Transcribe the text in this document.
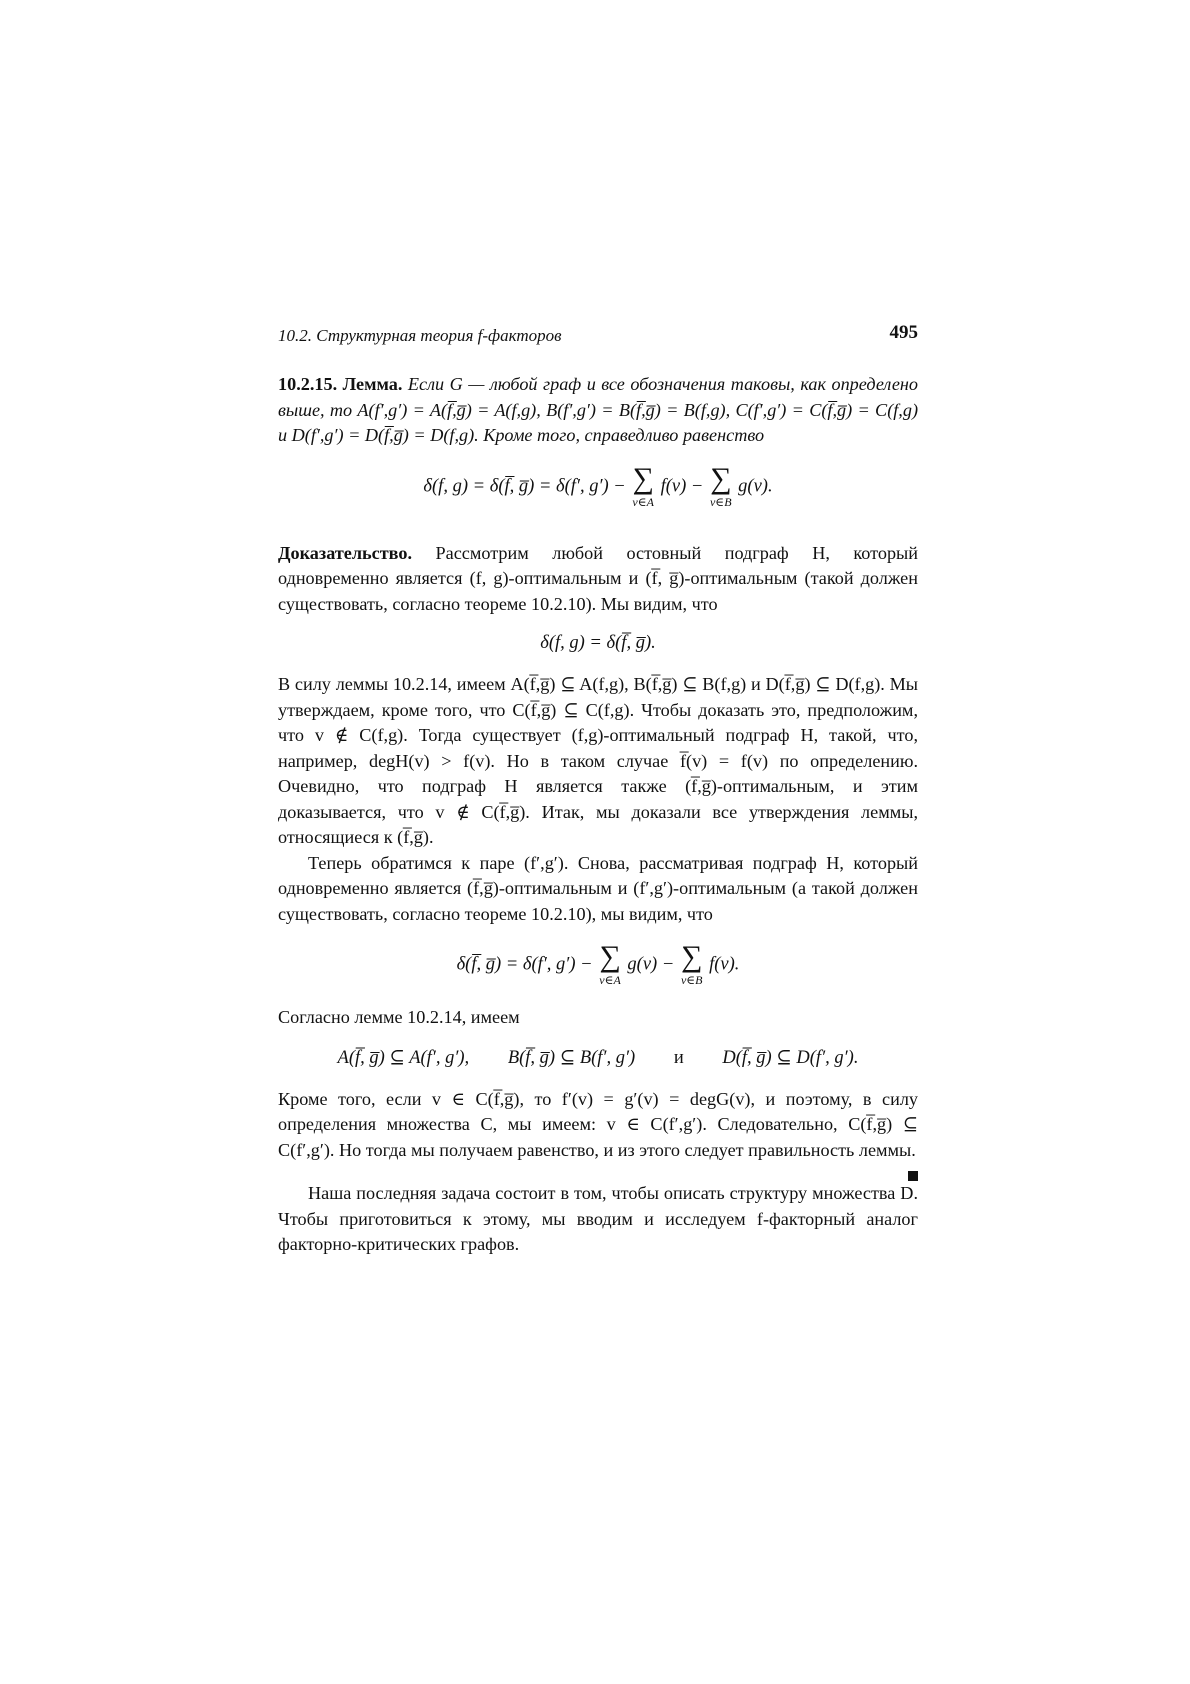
10.2. Структурная теория f-факторов	495

10.2.15. Лемма. Если G — любой граф и все обозначения таковы, как определено выше, то A(f′,g′) = A(f̅,g̅) = A(f,g), B(f′,g′) = B(f̅,g̅) = B(f,g), C(f′,g′) = C(f̅,g̅) = C(f,g) и D(f′,g′) = D(f̅,g̅) = D(f,g). Кроме того, справедливо равенство

δ(f, g) = δ(f̅, g̅) = δ(f′, g′) − ∑
v∈A
f(v) − ∑
v∈B
g(v).

Доказательство. Рассмотрим любой остовный подграф H, который одновременно является (f, g)-оптимальным и (f̅, g̅)-оптимальным (такой должен существовать, согласно теореме 10.2.10). Мы видим, что

δ(f, g) = δ(f̅, g̅).

В силу леммы 10.2.14, имеем A(f̅,g̅) ⊆ A(f,g), B(f̅,g̅) ⊆ B(f,g) и D(f̅,g̅) ⊆ D(f,g). Мы утверждаем, кроме того, что C(f̅,g̅) ⊆ C(f,g). Чтобы доказать это, предположим, что v ∉ C(f,g). Тогда существует (f,g)-оптимальный подграф H, такой, что, например, degH(v) > f(v). Но в таком случае f̅(v) = f(v) по определению. Очевидно, что подграф H является также (f̅,g̅)-оптимальным, и этим доказывается, что v ∉ C(f̅,g̅). Итак, мы доказали все утверждения леммы, относящиеся к (f̅,g̅).

Теперь обратимся к паре (f′,g′). Снова, рассматривая подграф H, который одновременно является (f̅,g̅)-оптимальным и (f′,g′)-оптимальным (а такой должен существовать, согласно теореме 10.2.10), мы видим, что

δ(f̅, g̅) = δ(f′, g′) − ∑
v∈A
g(v) − ∑
v∈B
f(v).

Согласно лемме 10.2.14, имеем

A(f̅, g̅) ⊆ A(f′, g′), B(f̅, g̅) ⊆ B(f′, g′) и D(f̅, g̅) ⊆ D(f′, g′).

Кроме того, если v ∈ C(f̅,g̅), то f′(v) = g′(v) = degG(v), и поэтому, в силу определения множества C, мы имеем: v ∈ C(f′,g′). Следовательно, C(f̅,g̅) ⊆ C(f′,g′). Но тогда мы получаем равенство, и из этого следует правильность леммы.

Наша последняя задача состоит в том, чтобы описать структуру множества D. Чтобы приготовиться к этому, мы вводим и исследуем f-факторный аналог факторно-критических графов.
